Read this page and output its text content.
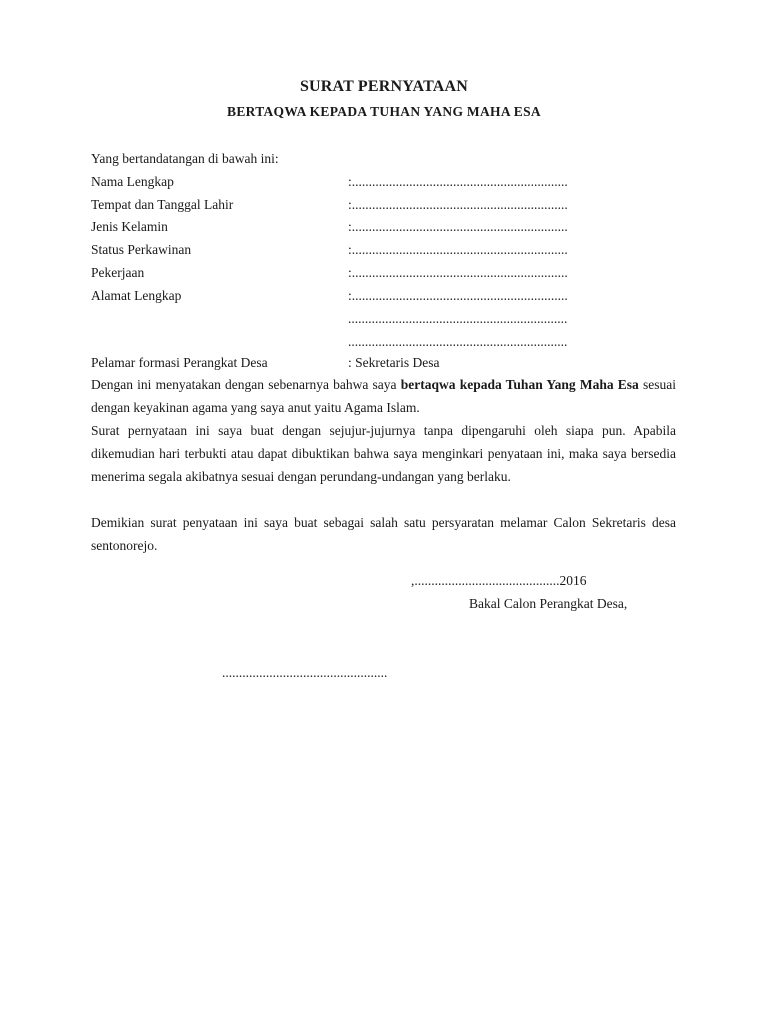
SURAT PERNYATAAN
BERTAQWA KEPADA TUHAN YANG MAHA ESA
Yang bertandatangan di bawah ini:
Nama Lengkap	:................................................................
Tempat dan Tanggal Lahir	:................................................................
Jenis Kelamin	:................................................................
Status Perkawinan	:................................................................
Pekerjaan	:................................................................
Alamat Lengkap	:................................................................
.................................................................
.................................................................
Pelamar formasi Perangkat Desa	: Sekretaris Desa
Dengan ini menyatakan dengan sebenarnya bahwa saya bertaqwa kepada Tuhan Yang Maha Esa sesuai dengan keyakinan agama yang saya anut yaitu Agama Islam.
Surat pernyataan ini saya buat dengan sejujur-jujurnya tanpa dipengaruhi oleh siapa pun. Apabila dikemudian hari terbukti atau dapat dibuktikan bahwa saya menginkari penyataan ini, maka saya bersedia menerima segala akibatnya sesuai dengan perundang-undangan yang berlaku.
Demikian surat penyataan ini saya buat sebagai salah satu persyaratan melamar Calon Sekretaris desa sentonorejo.
,...........................................2016
Bakal Calon Perangkat Desa,
.................................................
